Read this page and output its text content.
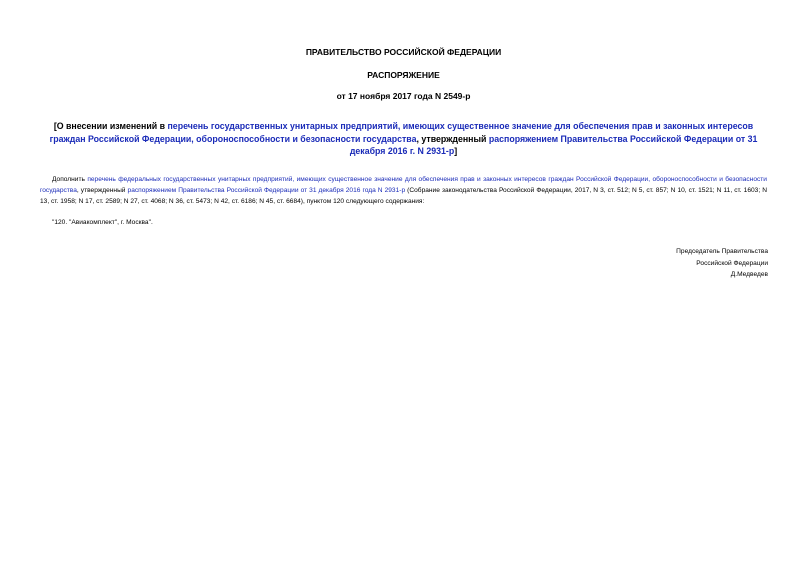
ПРАВИТЕЛЬСТВО РОССИЙСКОЙ ФЕДЕРАЦИИ
РАСПОРЯЖЕНИЕ
от 17 ноября 2017 года N 2549-р
[О внесении изменений в перечень государственных унитарных предприятий, имеющих существенное значение для обеспечения прав и законных интересов граждан Российской Федерации, обороноспособности и безопасности государства, утвержденный распоряжением Правительства Российской Федерации от 31 декабря 2016 г. N 2931-р]
Дополнить перечень федеральных государственных унитарных предприятий, имеющих существенное значение для обеспечения прав и законных интересов граждан Российской Федерации, обороноспособности и безопасности государства, утвержденный распоряжением Правительства Российской Федерации от 31 декабря 2016 года N 2931-р (Собрание законодательства Российской Федерации, 2017, N 3, ст. 512; N 5, ст. 857; N 10, ст. 1521; N 11, ст. 1603; N 13, ст. 1958; N 17, ст. 2589; N 27, ст. 4068; N 36, ст. 5473; N 42, ст. 6186; N 45, ст. 6684), пунктом 120 следующего содержания:
"120. "Авиакомплект", г. Москва".
Председатель Правительства
Российской Федерации
Д.Медведев
